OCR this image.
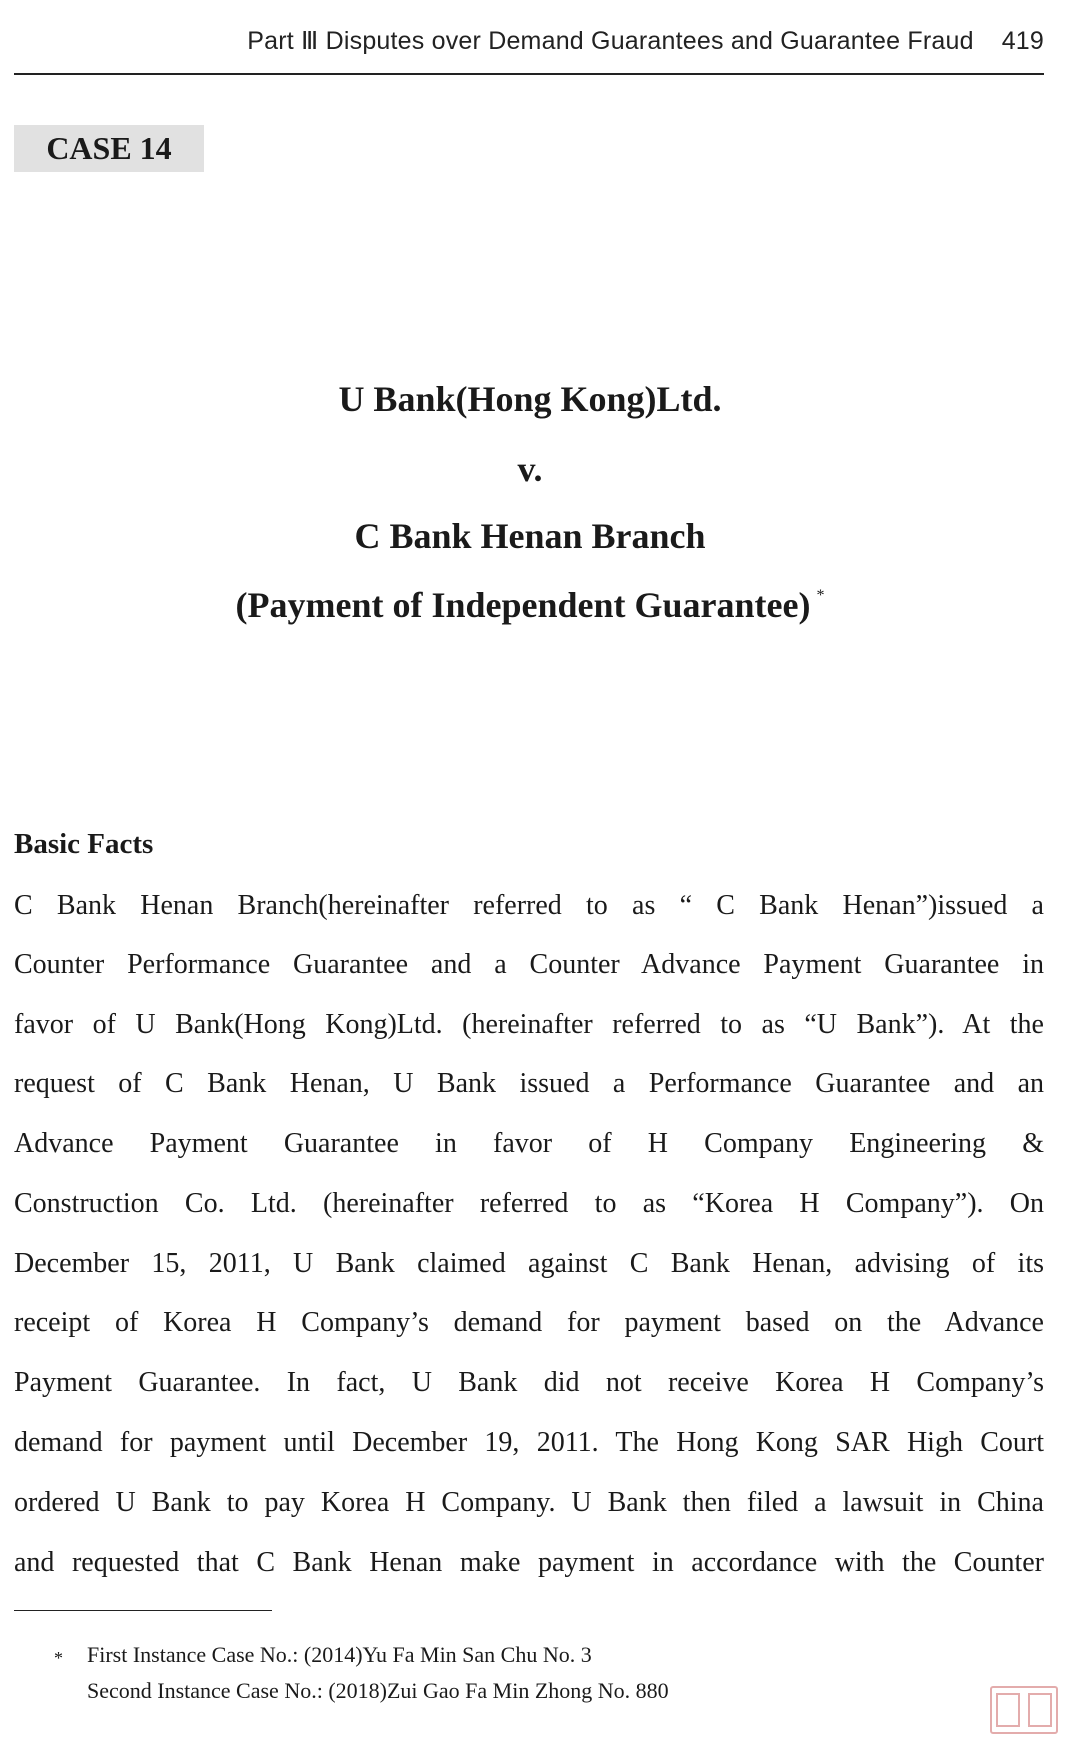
Part Ⅲ Disputes over Demand Guarantees and Guarantee Fraud 419
CASE 14
U Bank(Hong Kong)Ltd.
v.
C Bank Henan Branch
(Payment of Independent Guarantee) *
Basic Facts
C Bank Henan Branch(hereinafter referred to as “ C Bank Henan”)issued a
Counter Performance Guarantee and a Counter Advance Payment Guarantee in
favor of U Bank(Hong Kong)Ltd. (hereinafter referred to as “U Bank”). At the
request of C Bank Henan, U Bank issued a Performance Guarantee and an
Advance Payment Guarantee in favor of H Company Engineering &
Construction Co. Ltd. (hereinafter referred to as “Korea H Company”). On
December 15, 2011, U Bank claimed against C Bank Henan, advising of its
receipt of Korea H Company’s demand for payment based on the Advance
Payment Guarantee. In fact, U Bank did not receive Korea H Company’s
demand for payment until December 19, 2011. The Hong Kong SAR High Court
ordered U Bank to pay Korea H Company. U Bank then filed a lawsuit in China
and requested that C Bank Henan make payment in accordance with the Counter
* First Instance Case No.: (2014)Yu Fa Min San Chu No. 3
Second Instance Case No.: (2018)Zui Gao Fa Min Zhong No. 880
